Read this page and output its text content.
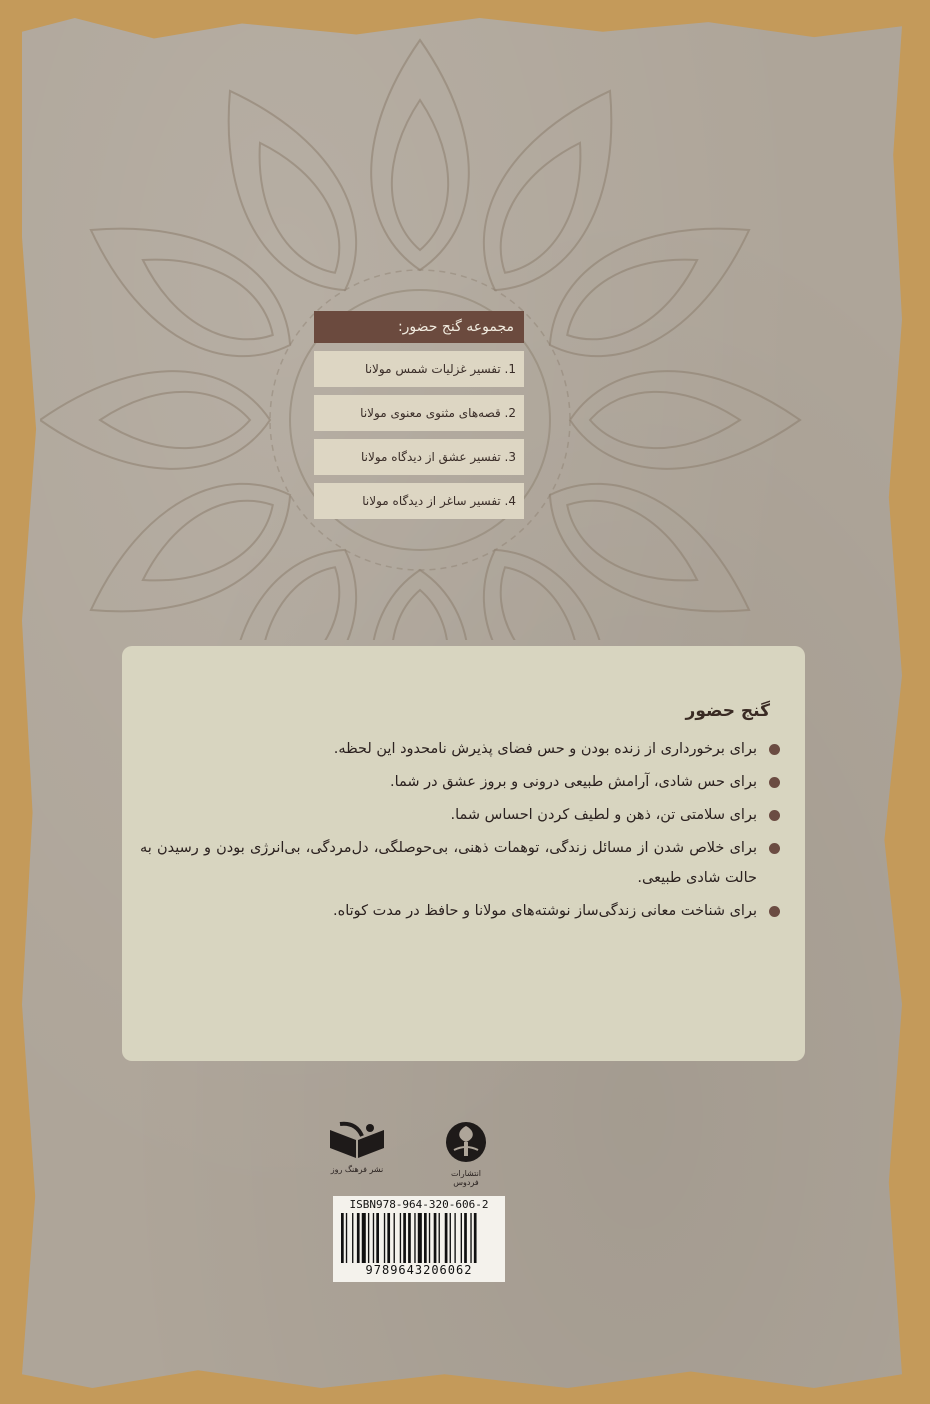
مجموعه گنج حضور:
1. تفسیر غزلیات شمس مولانا
2. قصه‌های مثنوی معنوی مولانا
3. تفسیر عشق از دیدگاه مولانا
4. تفسیر ساغر از دیدگاه مولانا
گنج حضور
برای برخورداری از زنده بودن و حس فضای پذیرش نامحدود این لحظه.
برای حس شادی، آرامش طبیعی درونی و بروز عشق در شما.
برای سلامتی تن، ذهن و لطیف کردن احساس شما.
برای خلاص شدن از مسائل زندگی، توهمات ذهنی، بی‌حوصلگی، دل‌مردگی، بی‌انرژی بودن و رسیدن به حالت شادی طبیعی.
برای شناخت معانی زندگی‌ساز نوشته‌های مولانا و حافظ در مدت کوتاه.
انتشارات فردوس
نشر فرهنگ روز
ISBN978-964-320-606-2
9789643206062
